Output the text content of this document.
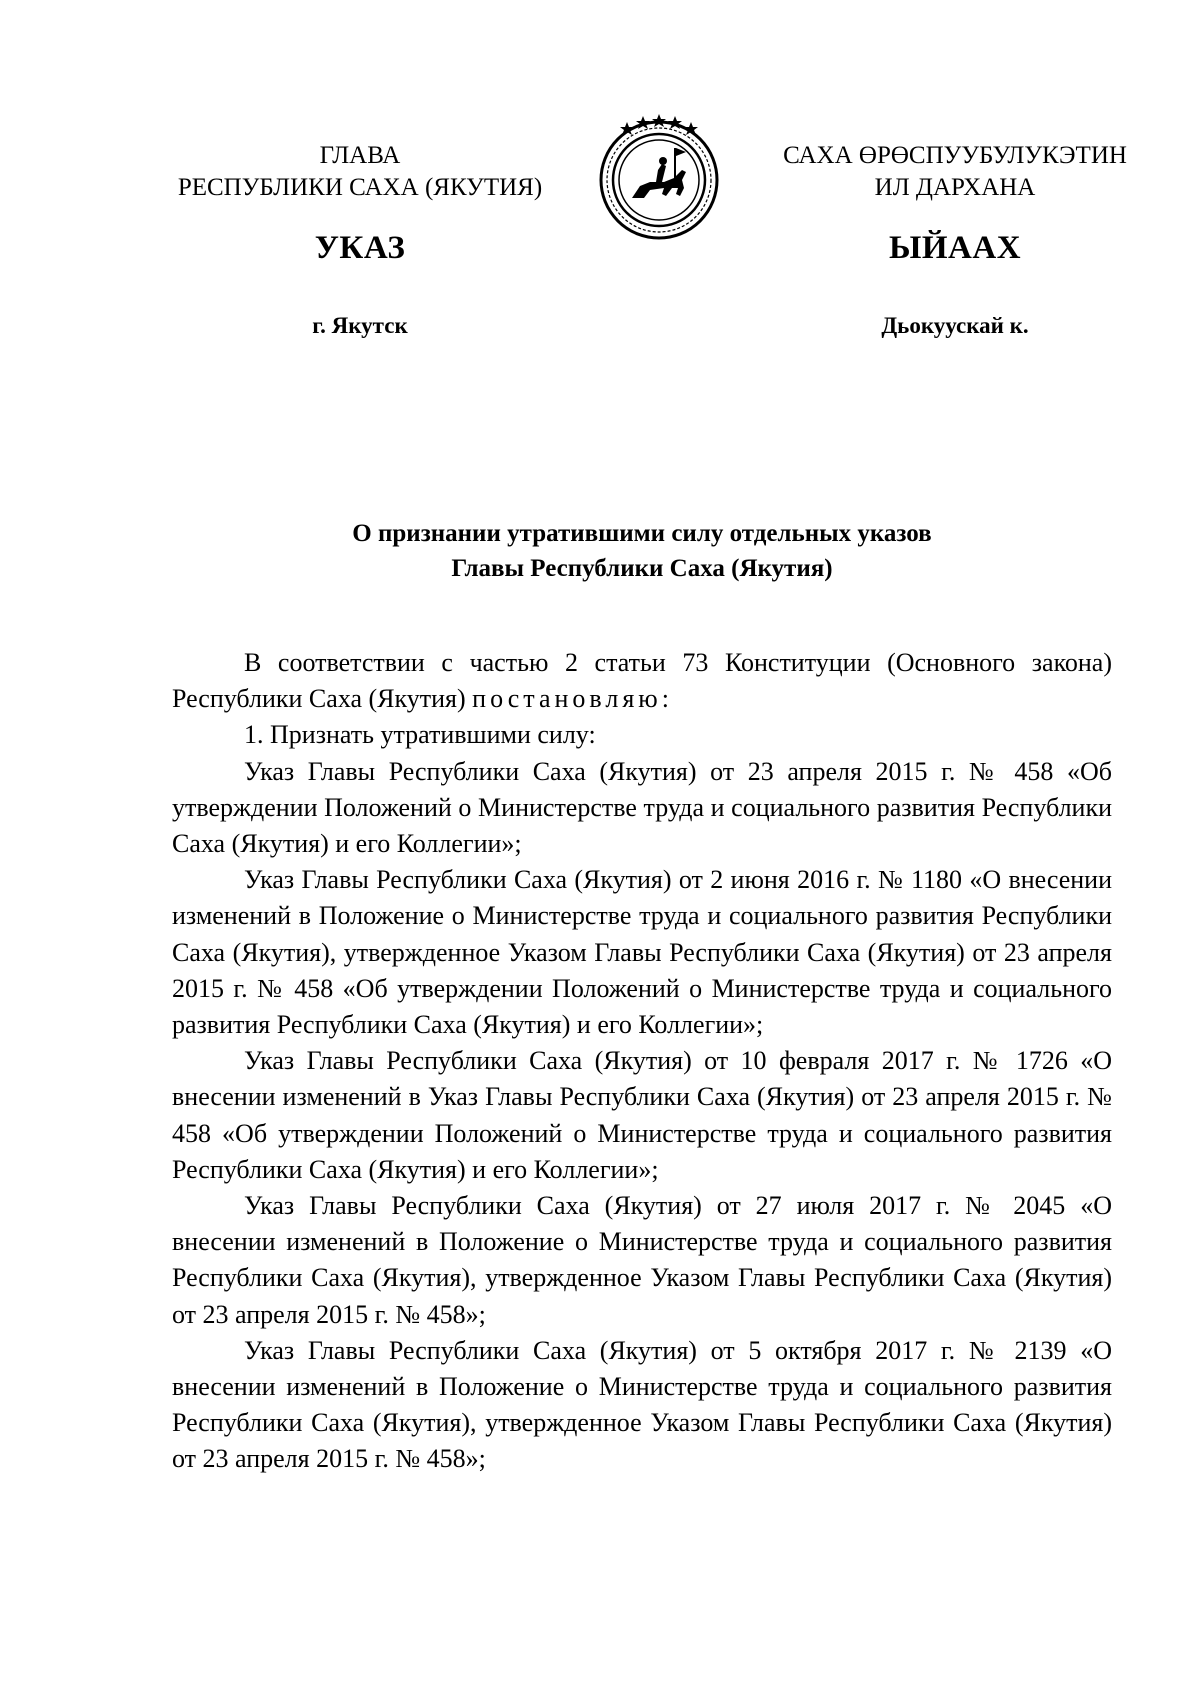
ГЛАВА
РЕСПУБЛИКИ САХА (ЯКУТИЯ)
САХА ӨРӨСПУУБУЛУКЭТИН
ИЛ ДАРХАНА
УКАЗ	ЫЙААХ
г. Якутск	Дьокуускай к.
О признании утратившими силу отдельных указов
Главы Республики Саха (Якутия)

В соответствии с частью 2 статьи 73 Конституции (Основного закона) Республики Саха (Якутия) постановляю:

1. Признать утратившими силу:

Указ Главы Республики Саха (Якутия) от 23 апреля 2015 г. № 458 «Об утверждении Положений о Министерстве труда и социального развития Республики Саха (Якутия) и его Коллегии»;

Указ Главы Республики Саха (Якутия) от 2 июня 2016 г. № 1180 «О внесении изменений в Положение о Министерстве труда и социального развития Республики Саха (Якутия), утвержденное Указом Главы Республики Саха (Якутия) от 23 апреля 2015 г. № 458 «Об утверждении Положений о Министерстве труда и социального развития Республики Саха (Якутия) и его Коллегии»;

Указ Главы Республики Саха (Якутия) от 10 февраля 2017 г. № 1726 «О внесении изменений в Указ Главы Республики Саха (Якутия) от 23 апреля 2015 г. № 458 «Об утверждении Положений о Министерстве труда и социального развития Республики Саха (Якутия) и его Коллегии»;

Указ Главы Республики Саха (Якутия) от 27 июля 2017 г. № 2045 «О внесении изменений в Положение о Министерстве труда и социального развития Республики Саха (Якутия), утвержденное Указом Главы Республики Саха (Якутия) от 23 апреля 2015 г. № 458»;

Указ Главы Республики Саха (Якутия) от 5 октября 2017 г. № 2139 «О внесении изменений в Положение о Министерстве труда и социального развития Республики Саха (Якутия), утвержденное Указом Главы Республики Саха (Якутия) от 23 апреля 2015 г. № 458»;
